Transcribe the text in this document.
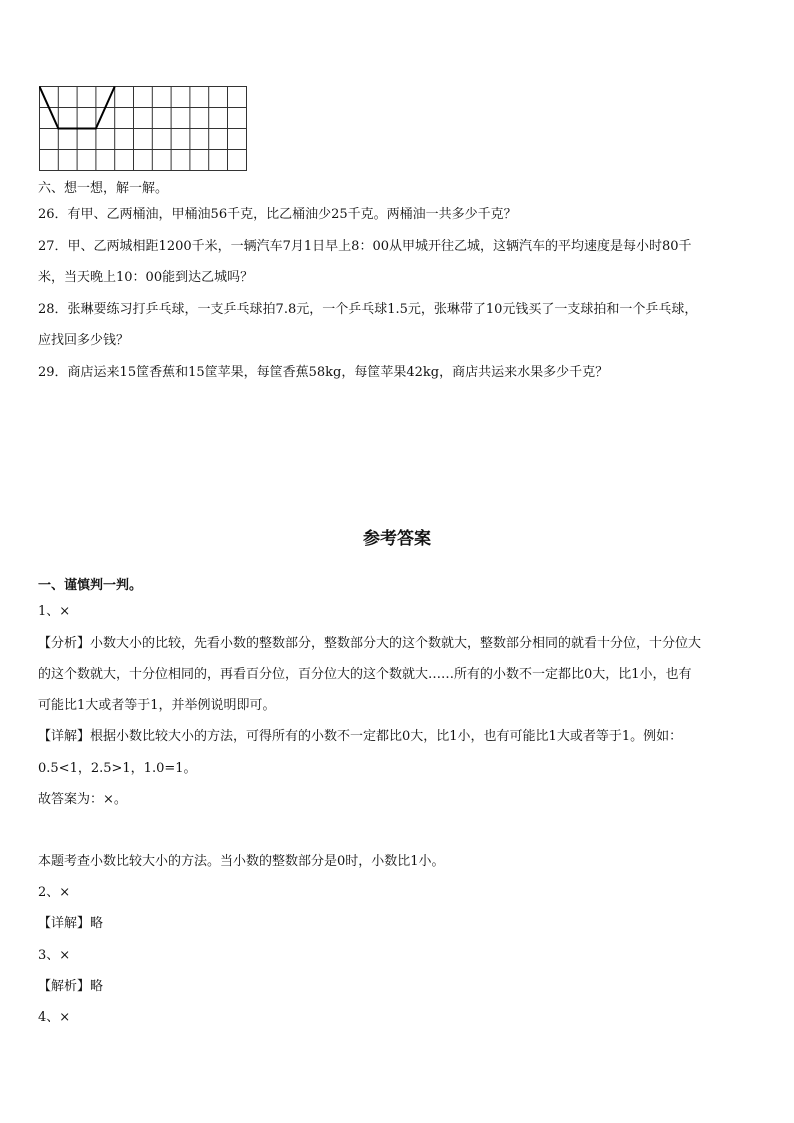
六、想一想，解一解。
26．有甲、乙两桶油，甲桶油56千克，比乙桶油少25千克。两桶油一共多少千克？
27．甲、乙两城相距1200千米，一辆汽车7月1日早上8：00从甲城开往乙城，这辆汽车的平均速度是每小时80千
米，当天晚上10：00能到达乙城吗？
28．张琳要练习打乒乓球，一支乒乓球拍7.8元，一个乒乓球1.5元，张琳带了10元钱买了一支球拍和一个乒乓球，
应找回多少钱？
29．商店运来15筐香蕉和15筐苹果，每筐香蕉58kg，每筐苹果42kg，商店共运来水果多少千克？
参考答案
一、谨慎判一判。
1、×
【分析】小数大小的比较，先看小数的整数部分，整数部分大的这个数就大，整数部分相同的就看十分位，十分位大
的这个数就大，十分位相同的，再看百分位，百分位大的这个数就大……所有的小数不一定都比0大，比1小，也有
可能比1大或者等于1，并举例说明即可。
【详解】根据小数比较大小的方法，可得所有的小数不一定都比0大，比1小，也有可能比1大或者等于1。例如：
0.5<1，2.5>1，1.0=1。
故答案为：×。
本题考查小数比较大小的方法。当小数的整数部分是0时，小数比1小。
2、×
【详解】略
3、×
【解析】略
4、×
